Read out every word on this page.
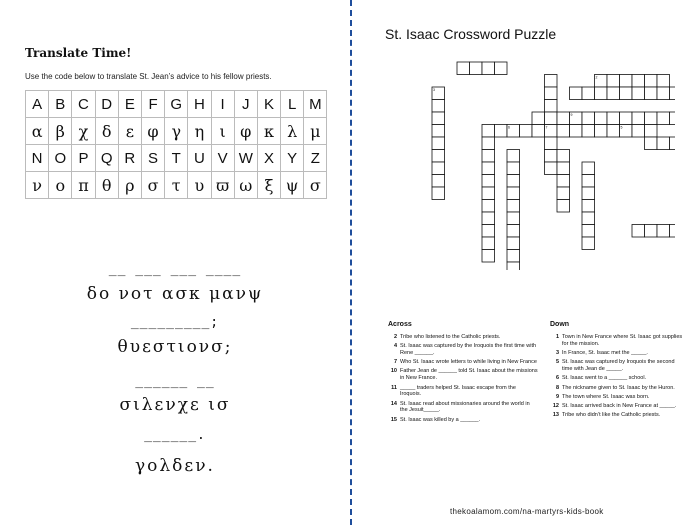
Translate Time!
Use the code below to translate St. Jean’s advice to his fellow priests.
A	B	C	D	E	F	G	H	I	J	K	L	M
α	β	χ	δ	ε	φ	γ	η	ι	φ	κ	λ	μ
N	O	P	Q	R	S	T	U	V	W	X	Y	Z
ν	ο	π	θ	ρ	σ	τ	υ	ϖ	ω	ξ	ψ	σ
__ ___ ___ ____
δο νοτ ασκ μανψ
_________;
θυεστιονσ;
______ __
σιλενχε ισ
______.
γολδεν.
St. Isaac Crossword Puzzle
2
3
5
6	7
9
Across
2 Tribe who listened to the Catholic priests.
4 St. Isaac was captured by the Iroquois the first time with Rene ______.
7 Who St. Isaac wrote letters to while living in New France
10 Father Jean de ______ told St. Isaac about the missions in New France.
11 _____ traders helped St. Isaac escape from the Iroquois.
14 St. Isaac read about missionaries around the world in the Jesuit_____.
15 St. Isaac was killed by a ______.
Down
1 Town in New France where St. Isaac got supplies for the mission.
3 In France, St. Isaac met the _____.
5 St. Isaac was captured by Iroquois the second time with Jean de _____.
6 St. Isaac went to a ______ school.
8 The nickname given to St. Isaac by the Huron.
9 The town where St. Isaac was born.
12 St. Isaac arrived back in New France at _____.
13 Tribe who didn’t like the Catholic priests.
thekoalamom.com/na-martyrs-kids-book
